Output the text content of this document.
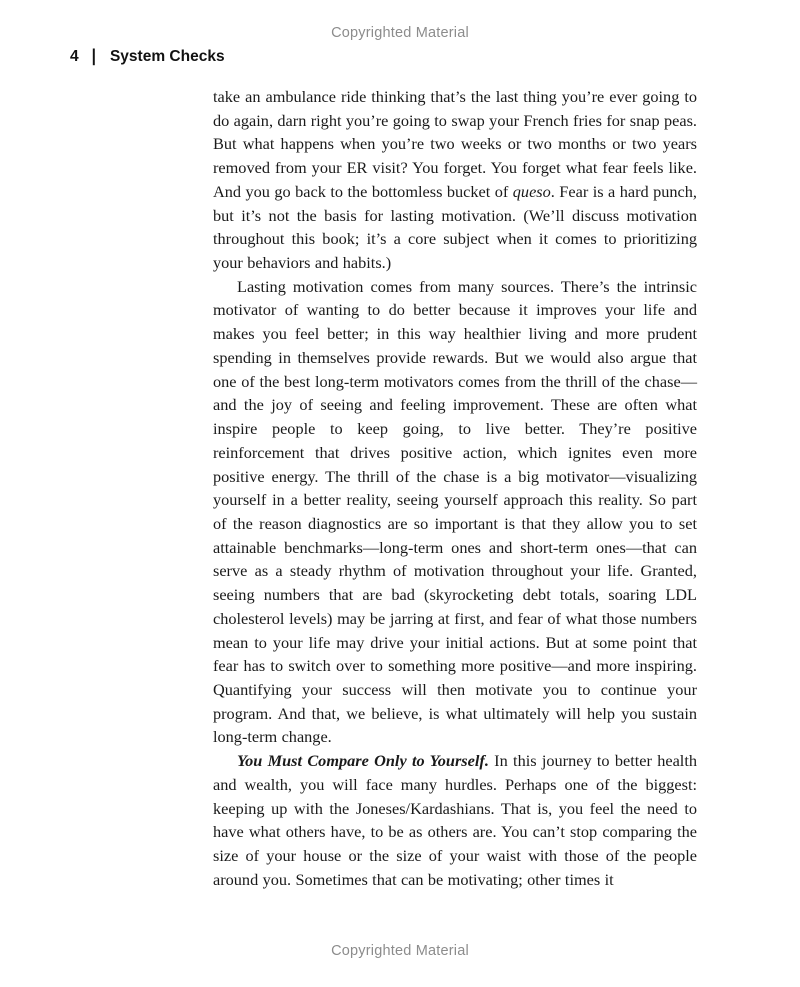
Copyrighted Material
4 | System Checks

take an ambulance ride thinking that’s the last thing you’re ever going to do again, darn right you’re going to swap your French fries for snap peas. But what happens when you’re two weeks or two months or two years removed from your ER visit? You forget. You forget what fear feels like. And you go back to the bottomless bucket of queso. Fear is a hard punch, but it’s not the basis for lasting motivation. (We’ll discuss motivation throughout this book; it’s a core subject when it comes to prioritizing your behaviors and habits.)

Lasting motivation comes from many sources. There’s the intrinsic motivator of wanting to do better because it improves your life and makes you feel better; in this way healthier living and more prudent spending in themselves provide rewards. But we would also argue that one of the best long-term motivators comes from the thrill of the chase—and the joy of seeing and feeling improvement. These are often what inspire people to keep going, to live better. They’re positive reinforcement that drives positive action, which ignites even more positive energy. The thrill of the chase is a big motivator—visualizing yourself in a better reality, seeing yourself approach this reality. So part of the reason diagnostics are so important is that they allow you to set attainable benchmarks—long-term ones and short-term ones—that can serve as a steady rhythm of motivation throughout your life. Granted, seeing numbers that are bad (skyrocketing debt totals, soaring LDL cholesterol levels) may be jarring at first, and fear of what those numbers mean to your life may drive your initial actions. But at some point that fear has to switch over to something more positive—and more inspiring. Quantifying your success will then motivate you to continue your program. And that, we believe, is what ultimately will help you sustain long-term change.

You Must Compare Only to Yourself. In this journey to better health and wealth, you will face many hurdles. Perhaps one of the biggest: keeping up with the Joneses/Kardashians. That is, you feel the need to have what others have, to be as others are. You can’t stop comparing the size of your house or the size of your waist with those of the people around you. Sometimes that can be motivating; other times it

Copyrighted Material
